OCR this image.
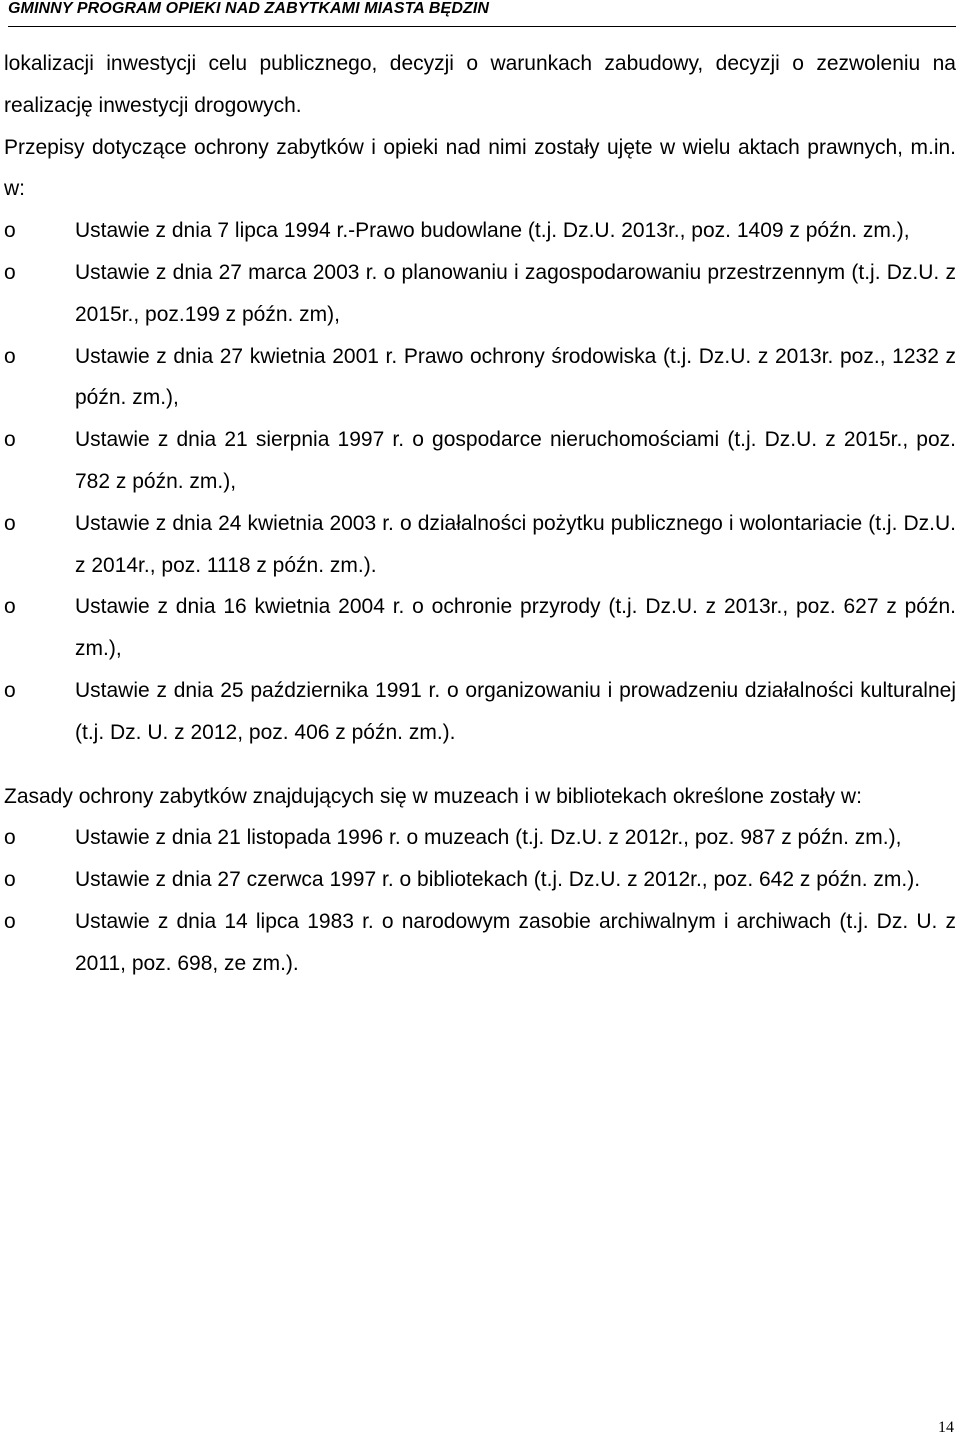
GMINNY PROGRAM OPIEKI NAD ZABYTKAMI MIASTA BĘDZIN

lokalizacji inwestycji celu publicznego, decyzji o warunkach zabudowy, decyzji o zezwoleniu na realizację inwestycji drogowych.

Przepisy dotyczące ochrony zabytków i opieki nad nimi zostały ujęte w wielu aktach prawnych, m.in. w:

o	Ustawie z dnia 7 lipca 1994 r.-Prawo budowlane (t.j. Dz.U. 2013r., poz. 1409 z późn. zm.),
o	Ustawie z dnia 27 marca 2003 r. o planowaniu i zagospodarowaniu przestrzennym (t.j. Dz.U. z 2015r., poz.199 z późn. zm),
o	Ustawie z dnia 27 kwietnia 2001 r. Prawo ochrony środowiska (t.j. Dz.U. z 2013r. poz., 1232 z późn. zm.),
o	Ustawie z dnia 21 sierpnia 1997 r. o gospodarce nieruchomościami (t.j. Dz.U. z 2015r., poz. 782 z późn. zm.),
o	Ustawie z dnia 24 kwietnia 2003 r. o działalności pożytku publicznego i wolontariacie (t.j. Dz.U. z 2014r., poz. 1118 z późn. zm.).
o	Ustawie z dnia 16 kwietnia 2004 r. o ochronie przyrody (t.j. Dz.U. z 2013r., poz. 627 z późn. zm.),
o	Ustawie z dnia 25 października 1991 r. o organizowaniu i prowadzeniu działalności kulturalnej (t.j. Dz. U. z 2012, poz. 406 z późn. zm.).

Zasady ochrony zabytków znajdujących się w muzeach i w bibliotekach określone zostały w:

o	Ustawie z dnia 21 listopada 1996 r. o muzeach (t.j. Dz.U. z 2012r., poz. 987 z późn. zm.),
o	Ustawie z dnia 27 czerwca 1997 r. o bibliotekach (t.j. Dz.U. z 2012r., poz. 642 z późn. zm.).
o	Ustawie z dnia 14 lipca 1983 r. o narodowym zasobie archiwalnym i archiwach (t.j. Dz. U. z 2011, poz. 698, ze zm.).
14
